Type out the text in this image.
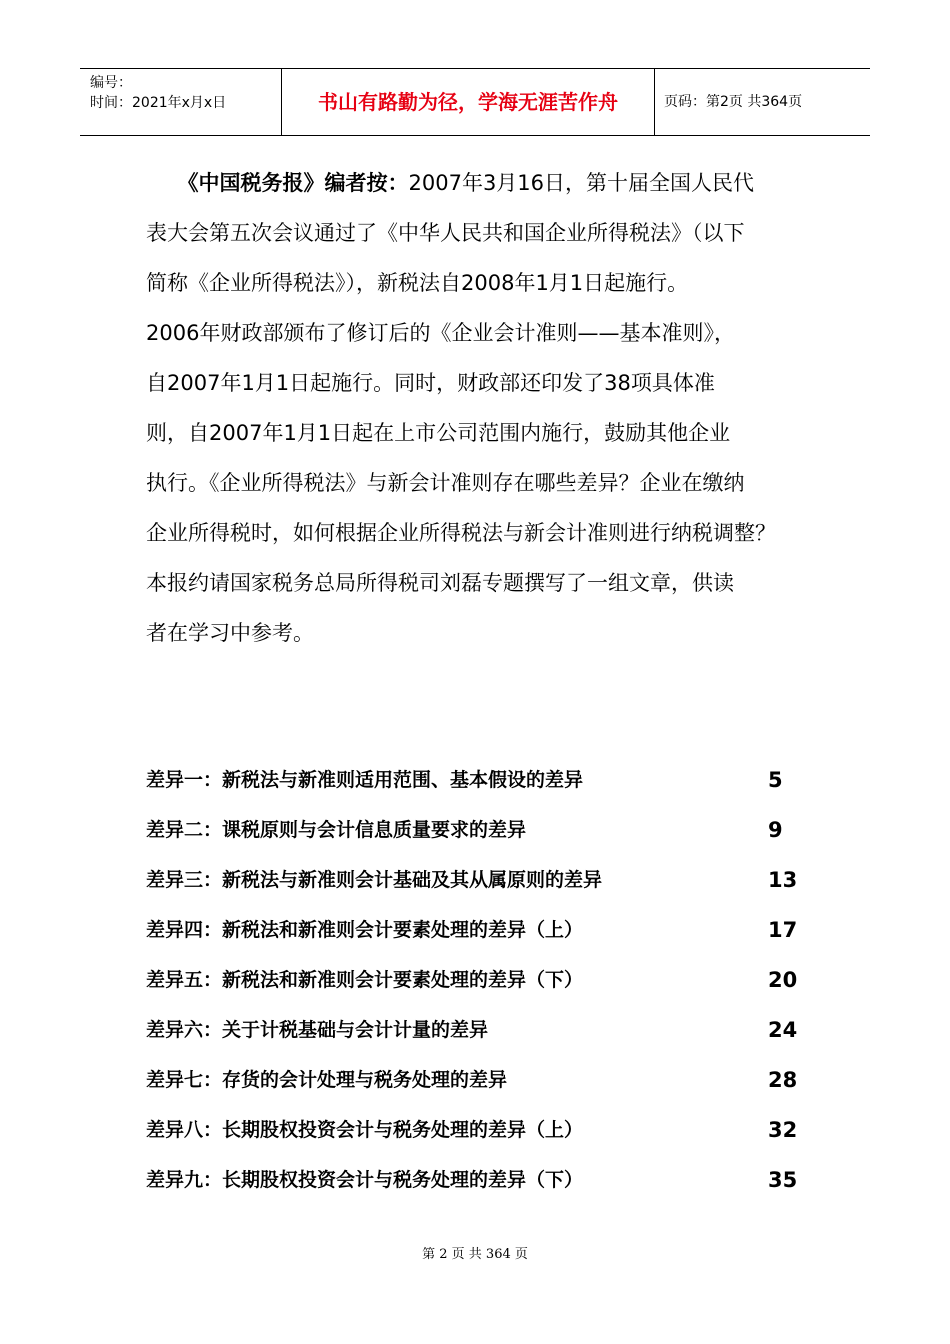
编号：
时间：2021年x月x日	书山有路勤为径，学海无涯苦作舟	页码：第2页 共364页
　　《中国税务报》编者按：2007年3月16日，第十届全国人民代
表大会第五次会议通过了《中华人民共和国企业所得税法》（以下
简称《企业所得税法》），新税法自2008年1月1日起施行。
2006年财政部颁布了修订后的《企业会计准则——基本准则》，
自2007年1月1日起施行。同时，财政部还印发了38项具体准
则，自2007年1月1日起在上市公司范围内施行，鼓励其他企业
执行。《企业所得税法》与新会计准则存在哪些差异？企业在缴纳
企业所得税时，如何根据企业所得税法与新会计准则进行纳税调整？
本报约请国家税务总局所得税司刘磊专题撰写了一组文章，供读
者在学习中参考。
差异一：新税法与新准则适用范围、基本假设的差异	5
差异二：课税原则与会计信息质量要求的差异	9
差异三：新税法与新准则会计基础及其从属原则的差异	13
差异四：新税法和新准则会计要素处理的差异（上）	17
差异五：新税法和新准则会计要素处理的差异（下）	20
差异六：关于计税基础与会计计量的差异	24
差异七：存货的会计处理与税务处理的差异	28
差异八：长期股权投资会计与税务处理的差异（上）	32
差异九：长期股权投资会计与税务处理的差异（下）	35
第 2 页 共 364 页
